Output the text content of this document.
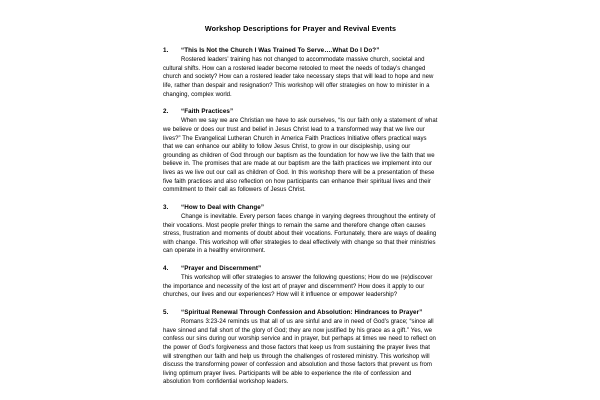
Workshop Descriptions for Prayer and Revival Events
1. “This Is Not the Church I Was Trained To Serve….What Do I Do?”

Rostered leaders’ training has not changed to accommodate massive church, societal and cultural shifts. How can a rostered leader become retooled to meet the needs of today’s changed church and society? How can a rostered leader take necessary steps that will lead to hope and new life, rather than despair and resignation? This workshop will offer strategies on how to minister in a changing, complex world.

2. “Faith Practices”

When we say we are Christian we have to ask ourselves, “Is our faith only a statement of what we believe or does our trust and belief in Jesus Christ lead to a transformed way that we live our lives?” The Evangelical Lutheran Church in America Faith Practices Initiative offers practical ways that we can enhance our ability to follow Jesus Christ, to grow in our discipleship, using our grounding as children of God through our baptism as the foundation for how we live the faith that we believe in. The promises that are made at our baptism are the faith practices we implement into our lives as we live out our call as children of God. In this workshop there will be a presentation of these five faith practices and also reflection on how participants can enhance their spiritual lives and their commitment to their call as followers of Jesus Christ.

3. “How to Deal with Change”

Change is inevitable. Every person faces change in varying degrees throughout the entirety of their vocations. Most people prefer things to remain the same and therefore change often causes stress, frustration and moments of doubt about their vocations. Fortunately, there are ways of dealing with change. This workshop will offer strategies to deal effectively with change so that their ministries can operate in a healthy environment.

4. “Prayer and Discernment”

This workshop will offer strategies to answer the following questions; How do we (re)discover the importance and necessity of the lost art of prayer and discernment? How does it apply to our churches, our lives and our experiences? How will it influence or empower leadership?

5. “Spiritual Renewal Through Confession and Absolution: Hindrances to Prayer”

Romans 3:23-24 reminds us that all of us are sinful and are in need of God’s grace; “since all have sinned and fall short of the glory of God; they are now justified by his grace as a gift.” Yes, we confess our sins during our worship service and in prayer, but perhaps at times we need to reflect on the power of God’s forgiveness and those factors that keep us from sustaining the prayer lives that will strengthen our faith and help us through the challenges of rostered ministry. This workshop will discuss the transforming power of confession and absolution and those factors that prevent us from living optimum prayer lives. Participants will be able to experience the rite of confession and absolution from confidential workshop leaders.
